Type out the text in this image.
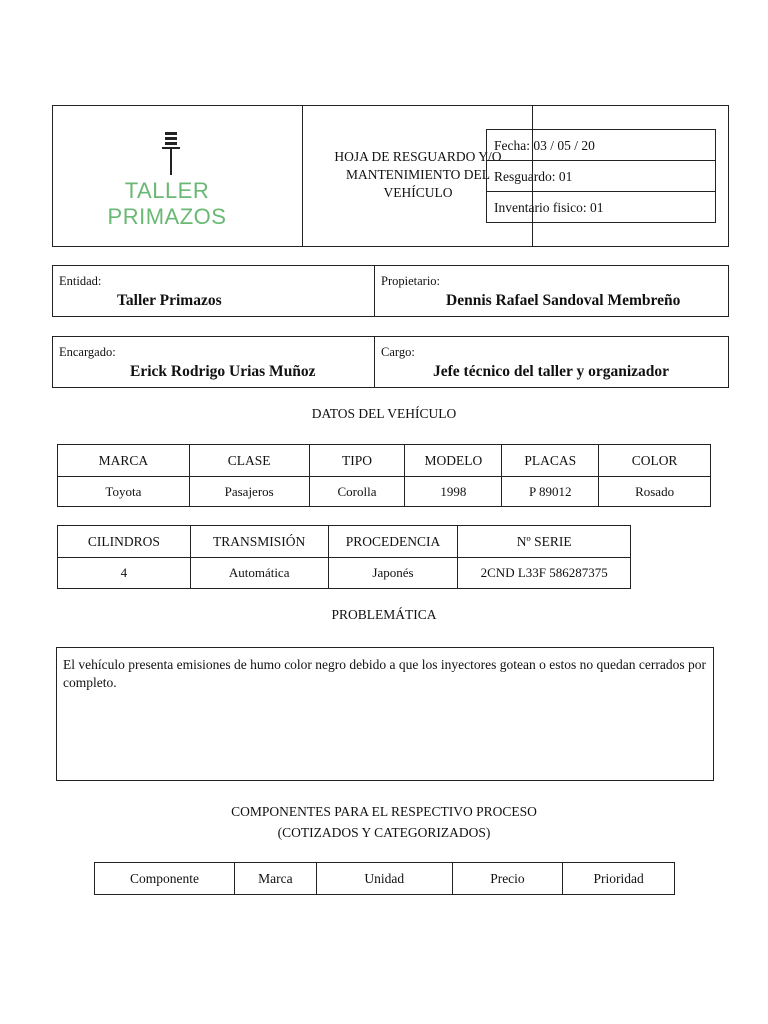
TALLER PRIMAZOS
HOJA DE RESGUARDO Y/O
MANTENIMIENTO DEL
VEHÍCULO
Fecha: 03 / 05 / 20
Resguardo: 01
Inventario fisico: 01
Entidad:
Taller Primazos
Propietario:
Dennis Rafael Sandoval Membreño
Encargado:
Erick Rodrigo Urias Muñoz
Cargo:
Jefe técnico del taller y organizador
DATOS DEL VEHÍCULO
MARCA	CLASE	TIPO	MODELO	PLACAS	COLOR
Toyota	Pasajeros	Corolla	1998	P 89012	Rosado
CILINDROS	TRANSMISIÓN	PROCEDENCIA	Nº SERIE
4	Automática	Japonés	2CND L33F 586287375
PROBLEMÁTICA
El vehículo presenta emisiones de humo color negro debido a que los inyectores gotean o estos no quedan cerrados por completo.
COMPONENTES PARA EL RESPECTIVO PROCESO
(COTIZADOS Y CATEGORIZADOS)
Componente	Marca	Unidad	Precio	Prioridad
